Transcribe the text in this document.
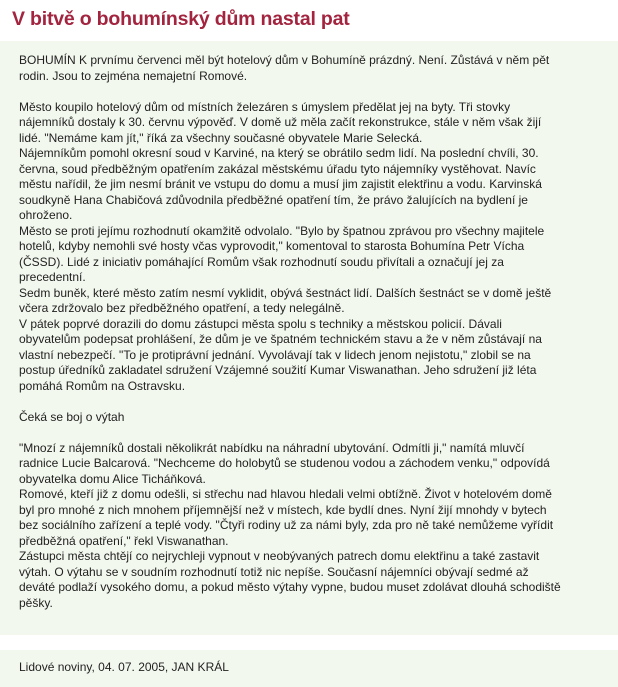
V bitvě o bohumínský dům nastal pat

BOHUMÍN K prvnímu červenci měl být hotelový dům v Bohumíně prázdný. Není. Zůstává v něm pět

rodin. Jsou to zejména nemajetní Romové.

Město koupilo hotelový dům od místních železáren s úmyslem předělat jej na byty. Tři stovky

nájemníků dostaly k 30. červnu výpověď. V domě už měla začít rekonstrukce, stále v něm však žijí

lidé. "Nemáme kam jít," říká za všechny současné obyvatele Marie Selecká.

Nájemníkům pomohl okresní soud v Karviné, na který se obrátilo sedm lidí. Na poslední chvíli, 30.

června, soud předběžným opatřením zakázal městskému úřadu tyto nájemníky vystěhovat. Navíc

městu nařídil, že jim nesmí bránit ve vstupu do domu a musí jim zajistit elektřinu a vodu. Karvinská

soudkyně Hana Chabičová zdůvodnila předběžné opatření tím, že právo žalujících na bydlení je

ohroženo.

Město se proti jejímu rozhodnutí okamžitě odvolalo. "Bylo by špatnou zprávou pro všechny majitele

hotelů, kdyby nemohli své hosty včas vyprovodit," komentoval to starosta Bohumína Petr Vícha

(ČSSD). Lidé z iniciativ pomáhající Romům však rozhodnutí soudu přivítali a označují jej za

precedentní.

Sedm buněk, které město zatím nesmí vyklidit, obývá šestnáct lidí. Dalších šestnáct se v domě ještě

včera zdržovalo bez předběžného opatření, a tedy nelegálně.

V pátek poprvé dorazili do domu zástupci města spolu s techniky a městskou policií. Dávali

obyvatelům podepsat prohlášení, že dům je ve špatném technickém stavu a že v něm zůstávají na

vlastní nebezpečí. "To je protiprávní jednání. Vyvolávají tak v lidech jenom nejistotu," zlobil se na

postup úředníků zakladatel sdružení Vzájemné soužití Kumar Viswanathan. Jeho sdružení již léta

pomáhá Romům na Ostravsku.

Čeká se boj o výtah

"Mnozí z nájemníků dostali několikrát nabídku na náhradní ubytování. Odmítli ji," namítá mluvčí

radnice Lucie Balcarová. "Nechceme do holobytů se studenou vodou a záchodem venku," odpovídá

obyvatelka domu Alice Ticháňková.

Romové, kteří již z domu odešli, si střechu nad hlavou hledali velmi obtížně. Život v hotelovém domě

byl pro mnohé z nich mnohem příjemnější než v místech, kde bydlí dnes. Nyní žijí mnohdy v bytech

bez sociálního zařízení a teplé vody. "Čtyři rodiny už za námi byly, zda pro ně také nemůžeme vyřídit

předběžná opatření," řekl Viswanathan.

Zástupci města chtějí co nejrychleji vypnout v neobývaných patrech domu elektřinu a také zastavit

výtah. O výtahu se v soudním rozhodnutí totiž nic nepíše. Současní nájemníci obývají sedmé až

deváté podlaží vysokého domu, a pokud město výtahy vypne, budou muset zdolávat dlouhá schodiště

pěšky.

Lidové noviny, 04. 07. 2005, JAN KRÁL
